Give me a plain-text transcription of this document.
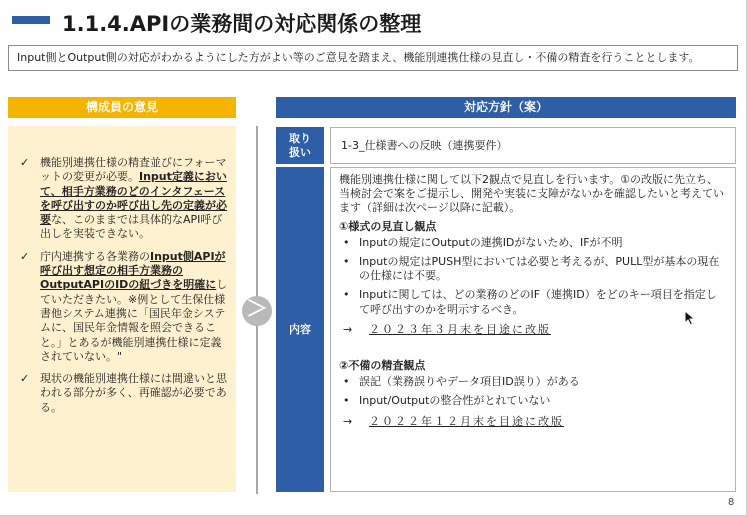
1.1.4.APIの業務間の対応関係の整理
Input側とOutput側の対応がわかるようにした方がよい等のご意見を踏まえ、機能別連携仕様の見直し・不備の精査を行うこととします。
構成員の意見
✓ 機能別連携仕様の精査並びにフォーマットの変更が必要。Input定義において、相手方業務のどのインタフェースを呼び出すのか呼び出し先の定義が必要な、このままでは具体的なAPI呼び出しを実装できない。
✓ 庁内連携する各業務のInput側APIが呼び出す想定の相手方業務のOutputAPIのIDの紐づきを明確にしていただきたい。※例として生保仕様書他システム連携に「国民年金システムに、国民年金情報を照会できること。」とあるが機能別連携仕様に定義されていない。"
✓ 現状の機能別連携仕様には間違いと思われる部分が多く、再確認が必要である。
＞
対応方針（案）
取り扱い	1-3_仕様書への反映（連携要件）
内容
機能別連携仕様に関して以下2観点で見直しを行います。①の改版に先立ち、当検討会で案をご提示し、開発や実装に支障がないかを確認したいと考えています（詳細は次ページ以降に記載）。
①様式の見直し観点
• Inputの規定にOutputの連携IDがないため、IFが不明
• Inputの規定はPUSH型においては必要と考えるが、PULL型が基本の現在の仕様には不要。
• Inputに関しては、どの業務のどのIF（連携ID）をどのキー項目を指定して呼び出すのかを明示するべき。
→ ２０２３年３月末を目途に改版
②不備の精査観点
• 誤記（業務誤りやデータ項目ID誤り）がある
• Input/Outputの整合性がとれていない
→ ２０２２年１２月末を目途に改版
8
